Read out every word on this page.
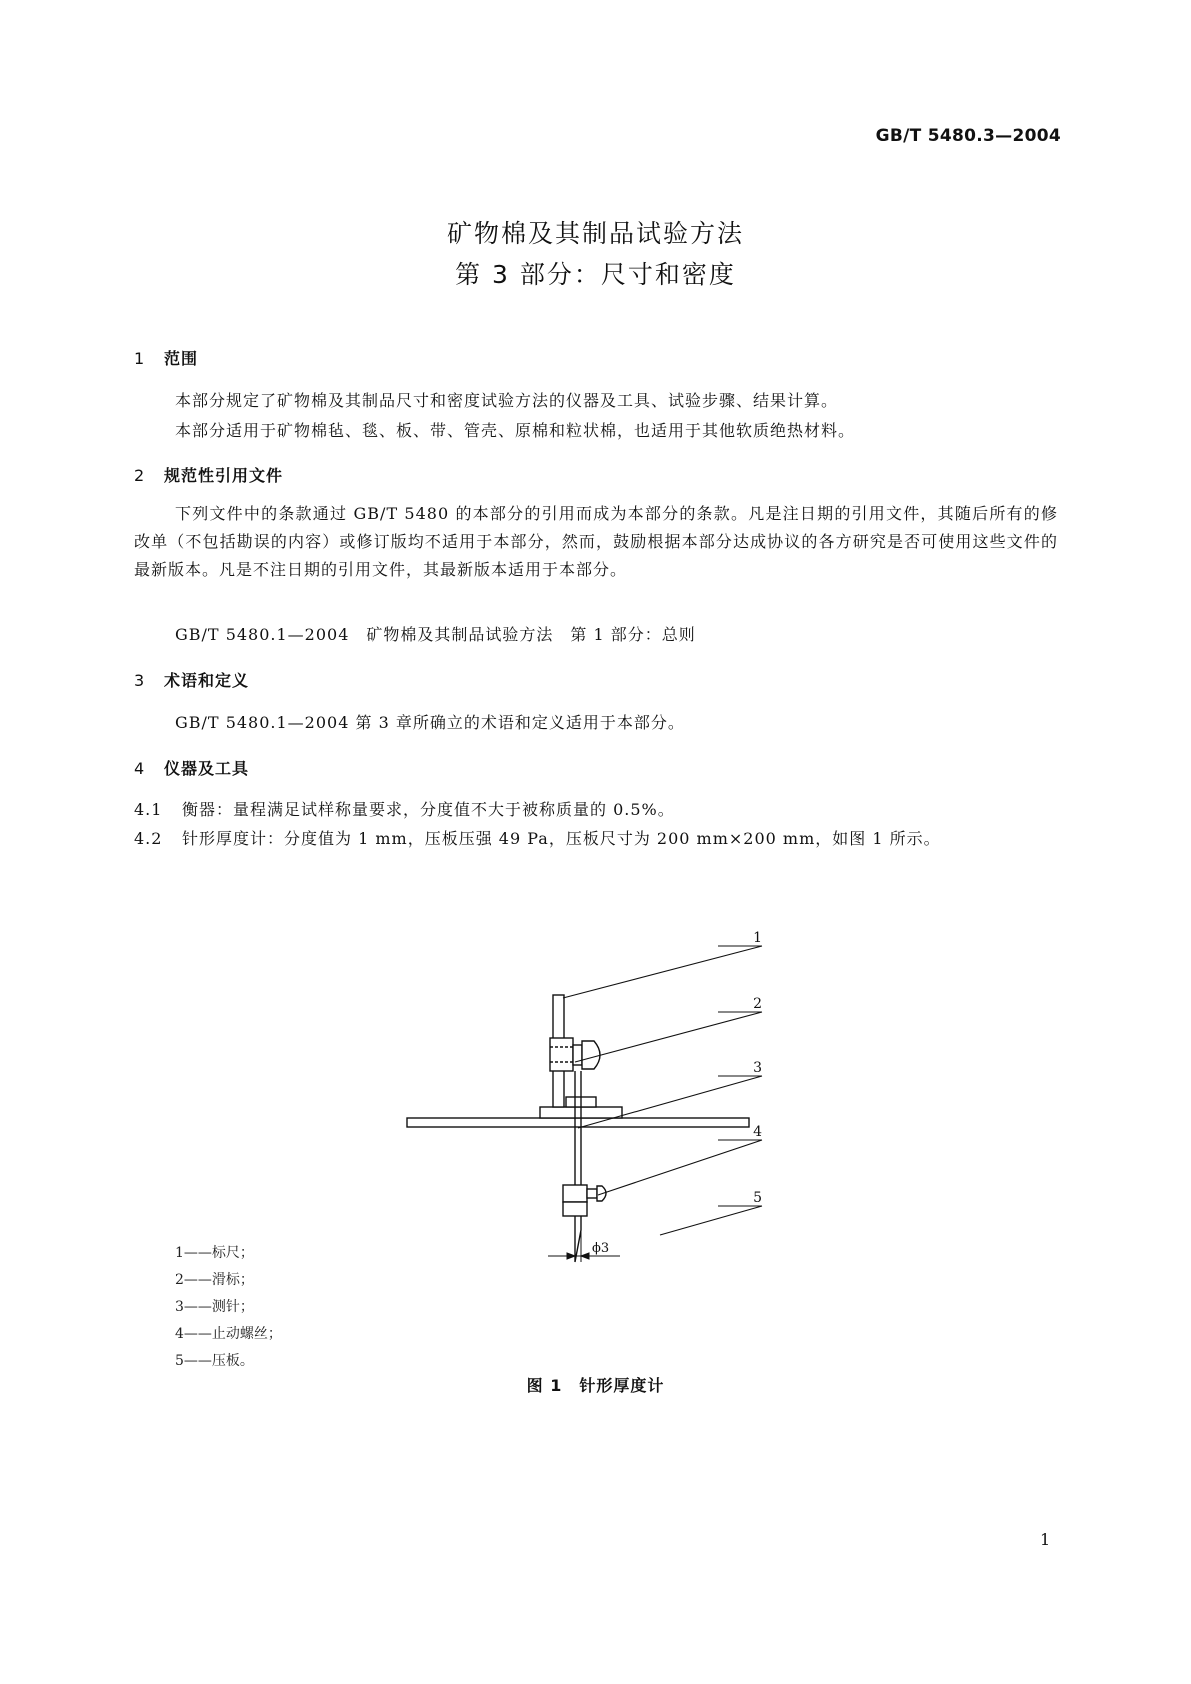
GB/T 5480.3—2004
矿物棉及其制品试验方法
第 3 部分：尺寸和密度
1 范围
本部分规定了矿物棉及其制品尺寸和密度试验方法的仪器及工具、试验步骤、结果计算。
本部分适用于矿物棉毡、毯、板、带、管壳、原棉和粒状棉，也适用于其他软质绝热材料。
2 规范性引用文件
下列文件中的条款通过 GB/T 5480 的本部分的引用而成为本部分的条款。凡是注日期的引用文件，其随后所有的修改单（不包括勘误的内容）或修订版均不适用于本部分，然而，鼓励根据本部分达成协议的各方研究是否可使用这些文件的最新版本。凡是不注日期的引用文件，其最新版本适用于本部分。
GB/T 5480.1—2004　矿物棉及其制品试验方法　第 1 部分：总则
3 术语和定义
GB/T 5480.1—2004 第 3 章所确立的术语和定义适用于本部分。
4 仪器及工具
4.1 衡器：量程满足试样称量要求，分度值不大于被称质量的 0.5%。
4.2 针形厚度计：分度值为 1 mm，压板压强 49 Pa，压板尺寸为 200 mm×200 mm，如图 1 所示。
1
2
3
4
5
ϕ3
1——标尺；
2——滑标；
3——测针；
4——止动螺丝；
5——压板。
图 1　针形厚度计
1
